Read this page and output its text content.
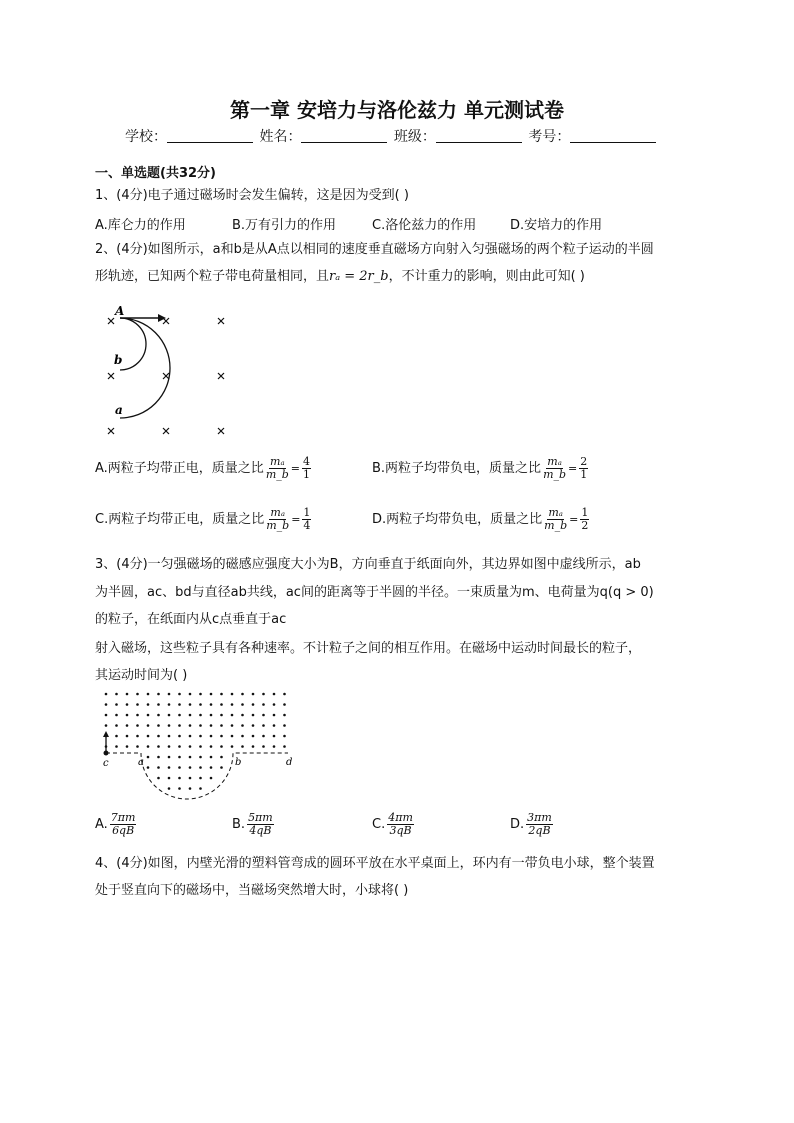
第一章 安培力与洛伦兹力 单元测试卷
学校：	姓名：	班级：	考号：
一、单选题(共32分)
1、(4分)电子通过磁场时会发生偏转，这是因为受到( )
A.库仑力的作用	B.万有引力的作用	C.洛伦兹力的作用	D.安培力的作用
2、(4分)如图所示，a和b是从A点以相同的速度垂直磁场方向射入匀强磁场的两个粒子运动的半圆
形轨迹，已知两个粒子带电荷量相同，且rₐ = 2r_b，不计重力的影响，则由此可知( )
A
b
a
A.两粒子均带正电，质量之比 $\frac{\text{mₐ}}{m\_b} = \frac{4}{1}$	B.两粒子均带负电，质量之比 $\frac{\text{mₐ}}{m\_b} = \frac{2}{1}$
C.两粒子均带正电，质量之比 $\frac{\text{mₐ}}{m\_b} = \frac{1}{4}$	D.两粒子均带负电，质量之比 $\frac{\text{mₐ}}{m\_b} = \frac{1}{2}$
3、(4分)一匀强磁场的磁感应强度大小为B，方向垂直于纸面向外，其边界如图中虚线所示，ab
为半圆，ac、bd与直径ab共线，ac间的距离等于半圆的半径。一束质量为m、电荷量为q(q > 0)
的粒子，在纸面内从c点垂直于ac
射入磁场，这些粒子具有各种速率。不计粒子之间的相互作用。在磁场中运动时间最长的粒子，
其运动时间为( )
c	a	b	d
A. $\frac{7\pi m}{6qB}$	B. $\frac{5\pi m}{4qB}$	C. $\frac{4\pi m}{3qB}$	D. $\frac{3\pi m}{2qB}$
4、(4分)如图，内壁光滑的塑料管弯成的圆环平放在水平桌面上，环内有一带负电小球，整个装置
处于竖直向下的磁场中，当磁场突然增大时，小球将( )
